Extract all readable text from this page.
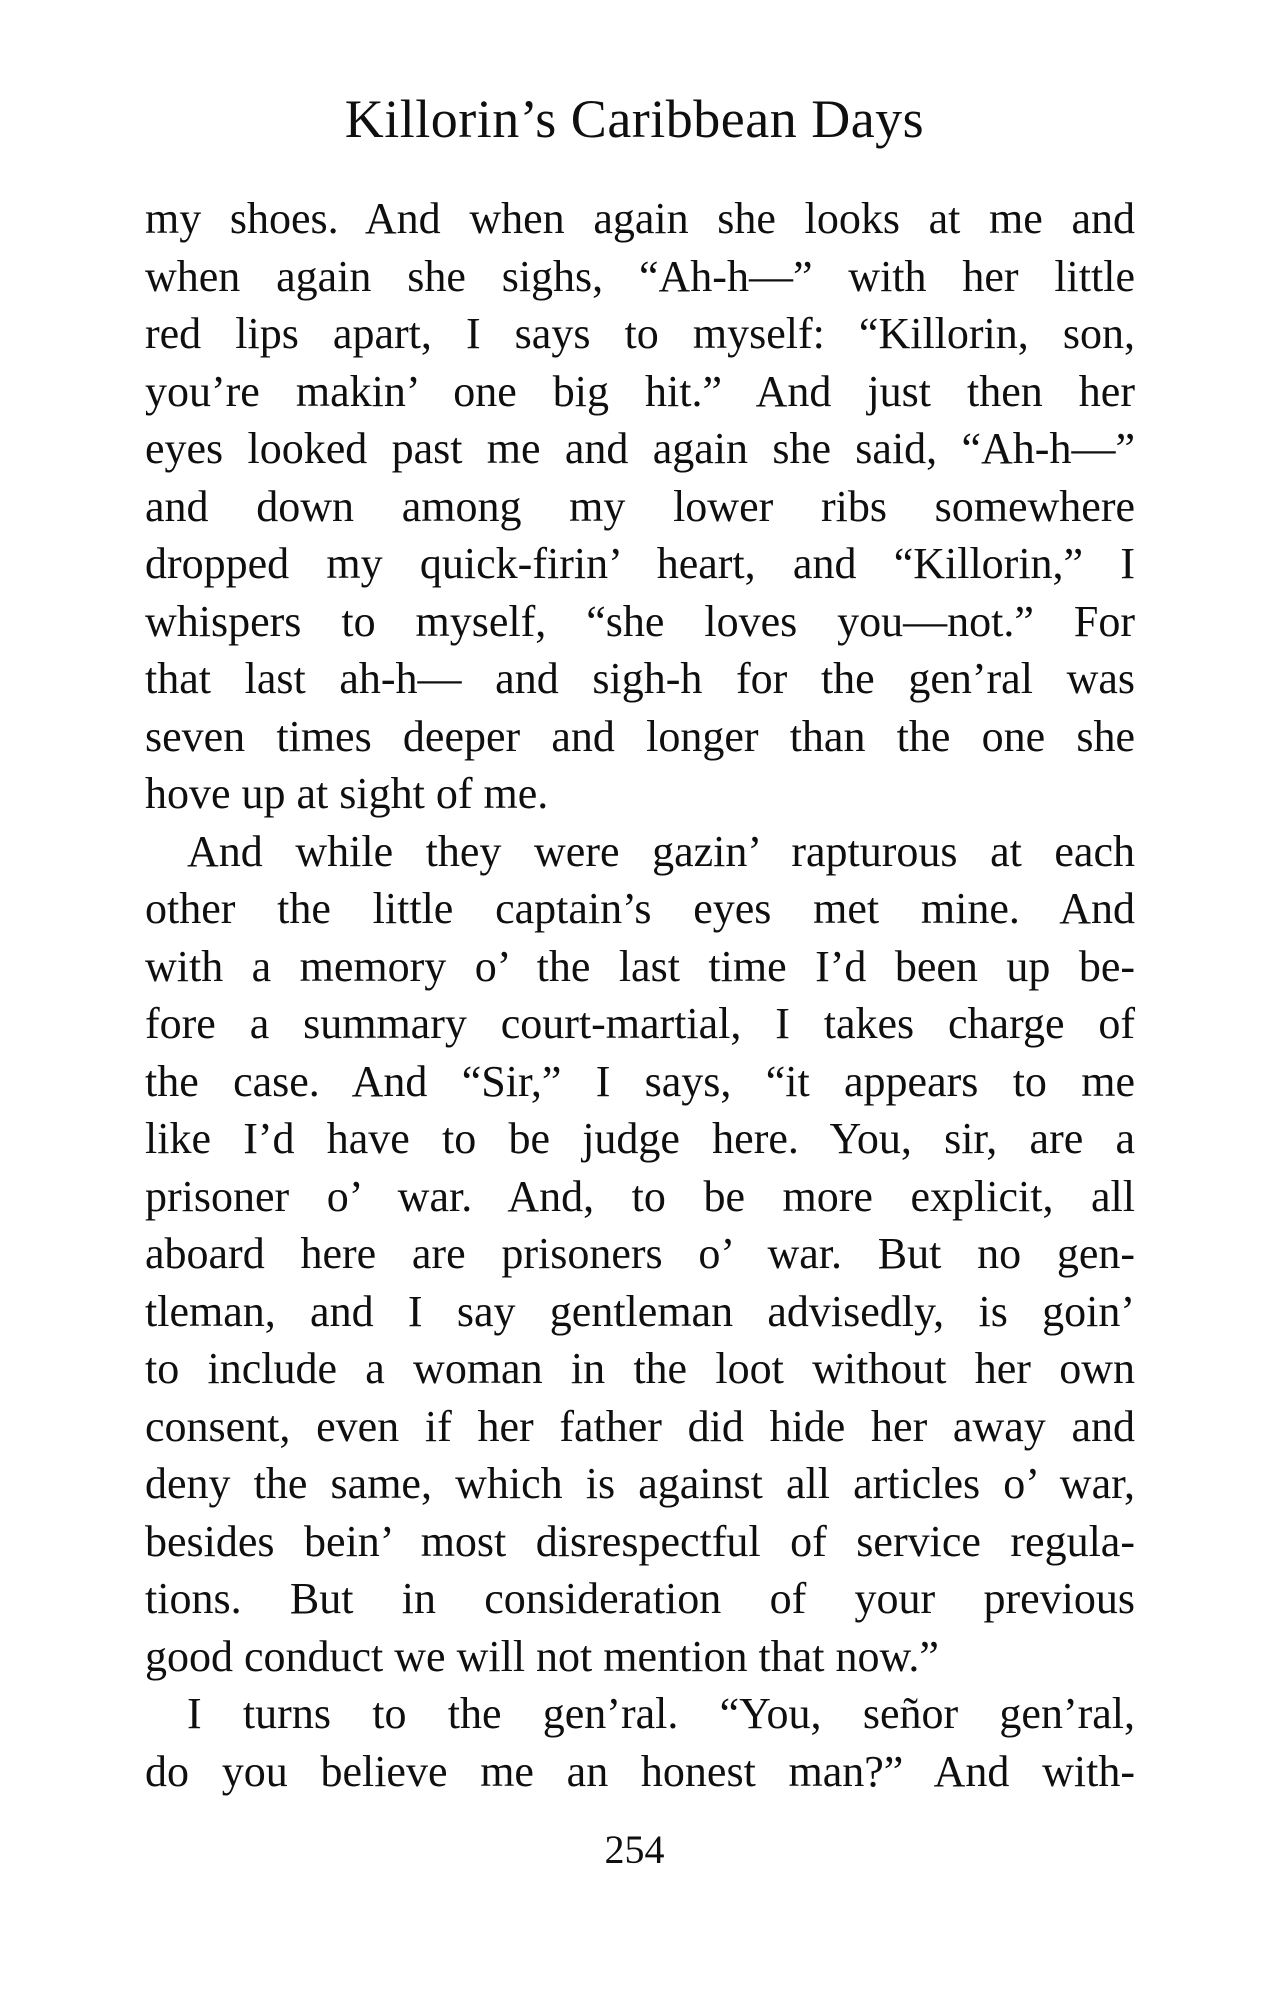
Killorin’s Caribbean Days

my shoes. And when again she looks at me and
when again she sighs, “Ah-h—” with her little
red lips apart, I says to myself: “Killorin, son,
you’re makin’ one big hit.” And just then her
eyes looked past me and again she said, “Ah-h—”
and down among my lower ribs somewhere
dropped my quick-firin’ heart, and “Killorin,” I
whispers to myself, “she loves you—not.” For
that last ah-h— and sigh-h for the gen’ral was
seven times deeper and longer than the one she
hove up at sight of me.

And while they were gazin’ rapturous at each
other the little captain’s eyes met mine. And
with a memory o’ the last time I’d been up be-
fore a summary court-martial, I takes charge of
the case. And “Sir,” I says, “it appears to me
like I’d have to be judge here. You, sir, are a
prisoner o’ war. And, to be more explicit, all
aboard here are prisoners o’ war. But no gen-
tleman, and I say gentleman advisedly, is goin’
to include a woman in the loot without her own
consent, even if her father did hide her away and
deny the same, which is against all articles o’ war,
besides bein’ most disrespectful of service regula-
tions. But in consideration of your previous
good conduct we will not mention that now.”

I turns to the gen’ral. “You, señor gen’ral,
do you believe me an honest man?” And with-

254
